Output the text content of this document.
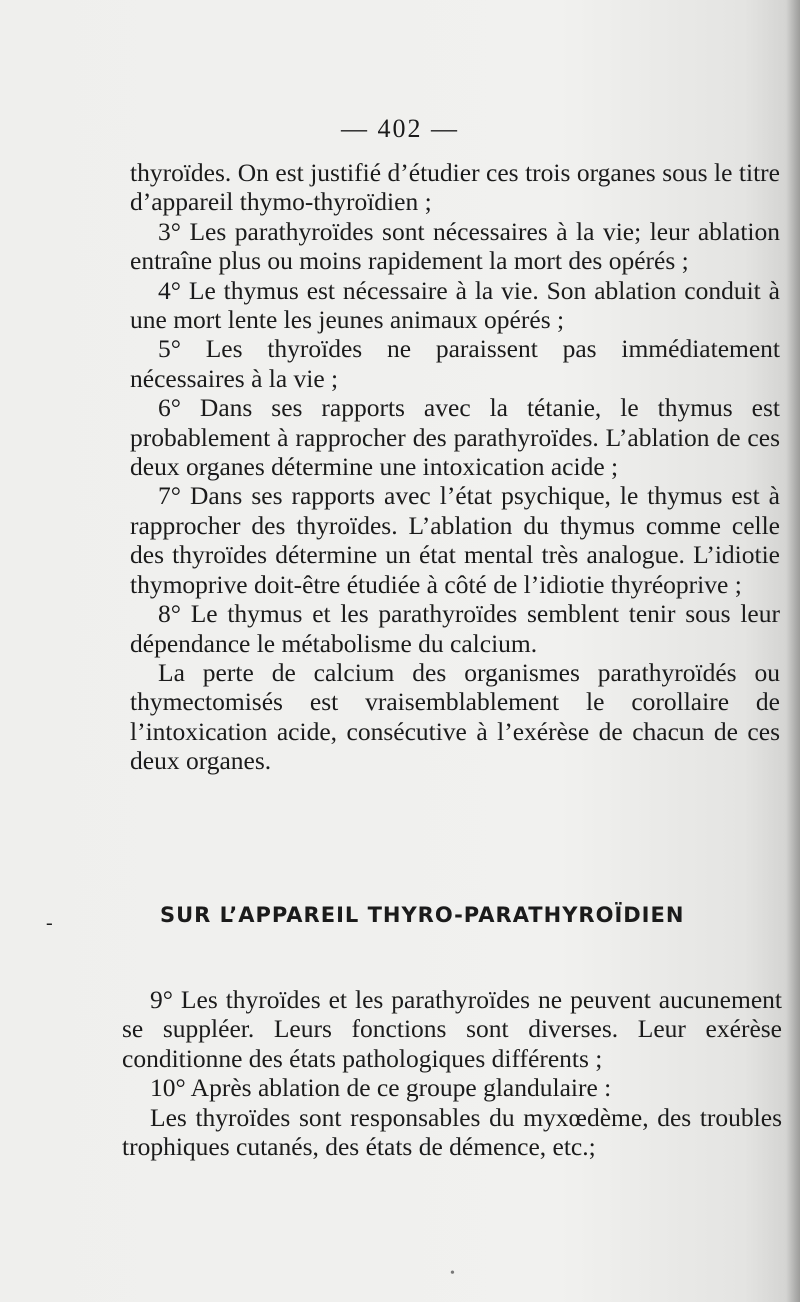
— 402 —

thyroïdes. On est justifié d’étudier ces trois organes sous le titre d’appareil thymo-thyroïdien ;

3° Les parathyroïdes sont nécessaires à la vie; leur ablation entraîne plus ou moins rapidement la mort des opérés ;

4° Le thymus est nécessaire à la vie. Son ablation conduit à une mort lente les jeunes animaux opérés ;

5° Les thyroïdes ne paraissent pas immédiatement nécessaires à la vie ;

6° Dans ses rapports avec la tétanie, le thymus est probablement à rapprocher des parathyroïdes. L’ablation de ces deux organes détermine une intoxication acide ;

7° Dans ses rapports avec l’état psychique, le thymus est à rapprocher des thyroïdes. L’ablation du thymus comme celle des thyroïdes détermine un état mental très analogue. L’idiotie thymoprive doit-être étudiée à côté de l’idiotie thyréoprive ;

8° Le thymus et les parathyroïdes semblent tenir sous leur dépendance le métabolisme du calcium.

La perte de calcium des organismes parathyroïdés ou thymectomisés est vraisemblablement le corollaire de l’intoxication acide, consécutive à l’exérèse de chacun de ces deux organes.

-	SUR L’APPAREIL THYRO-PARATHYROÏDIEN

9° Les thyroïdes et les parathyroïdes ne peuvent aucunement se suppléer. Leurs fonctions sont diverses. Leur exérèse conditionne des états pathologiques différents ;

10° Après ablation de ce groupe glandulaire :

Les thyroïdes sont responsables du myxœdème, des troubles trophiques cutanés, des états de démence, etc.;

•
